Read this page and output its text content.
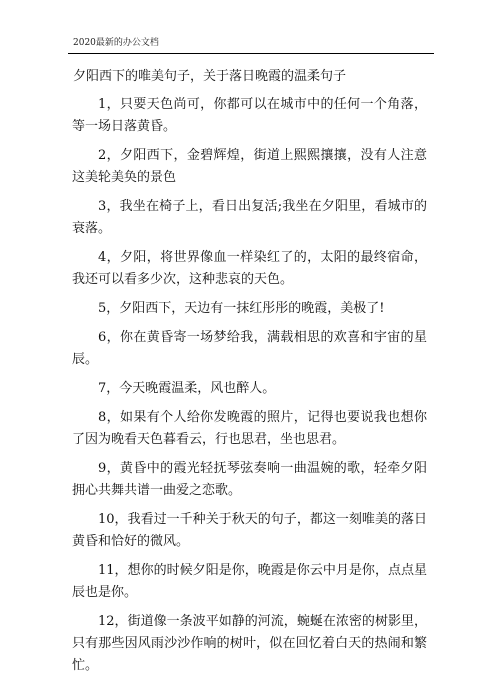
2020最新的办公文档
夕阳西下的唯美句子，关于落日晚霞的温柔句子

1，只要天色尚可，你都可以在城市中的任何一个角落，等一场日落黄昏。

2，夕阳西下，金碧辉煌，街道上熙熙攘攘，没有人注意这美轮美奂的景色

3，我坐在椅子上，看日出复活;我坐在夕阳里，看城市的衰落。

4，夕阳，将世界像血一样染红了的，太阳的最终宿命，我还可以看多少次，这种悲哀的天色。

5，夕阳西下，天边有一抹红彤彤的晚霞，美极了!

6，你在黄昏寄一场梦给我，满载相思的欢喜和宇宙的星辰。

7，今天晚霞温柔，风也醉人。

8，如果有个人给你发晚霞的照片，记得也要说我也想你了因为晚看天色暮看云，行也思君，坐也思君。

9，黄昏中的霞光轻抚琴弦奏响一曲温婉的歌，轻牵夕阳拥心共舞共谱一曲爱之恋歌。

10，我看过一千种关于秋天的句子，都这一刻唯美的落日黄昏和恰好的微风。

11，想你的时候夕阳是你，晚霞是你云中月是你，点点星辰也是你。

12，街道像一条波平如静的河流，蜿蜒在浓密的树影里，只有那些因风雨沙沙作响的树叶，似在回忆着白天的热闹和繁忙。
